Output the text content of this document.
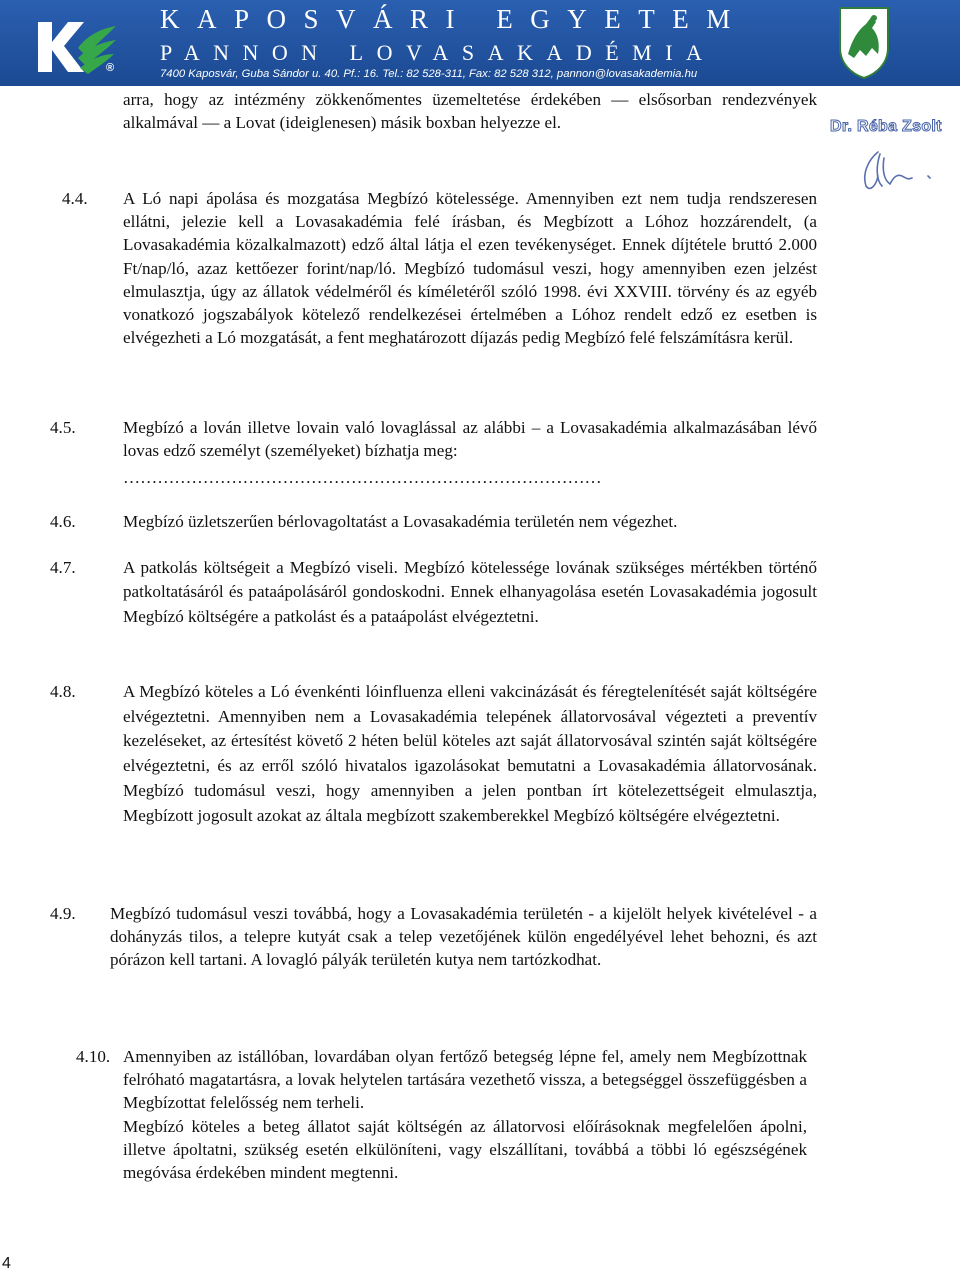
®
KAPOSVÁRI EGYETEM
PANNON LOVASAKADÉMIA
7400 Kaposvár, Guba Sándor u. 40. Pf.: 16. Tel.: 82 528-311, Fax: 82 528 312, pannon@lovasakademia.hu
Dr. Réba Zsolt

arra, hogy az intézmény zökkenőmentes üzemeltetése érdekében — elsősorban rendezvények alkalmával — a Lovat (ideiglenesen) másik boxban helyezze el.

4.4. A Ló napi ápolása és mozgatása Megbízó kötelessége. Amennyiben ezt nem tudja rendszeresen ellátni, jelezie kell a Lovasakadémia felé írásban, és Megbízott a Lóhoz hozzárendelt, (a Lovasakadémia közalkalmazott) edző által látja el ezen tevékenységet. Ennek díjtétele bruttó 2.000 Ft/nap/ló, azaz kettőezer forint/nap/ló. Megbízó tudomásul veszi, hogy amennyiben ezen jelzést elmulasztja, úgy az állatok védelméről és kíméletéről szóló 1998. évi XXVIII. törvény és az egyéb vonatkozó jogszabályok kötelező rendelkezései értelmében a Lóhoz rendelt edző ez esetben is elvégezheti a Ló mozgatását, a fent meghatározott díjazás pedig Megbízó felé felszámításra kerül.

4.5.	Megbízó a lován illetve lovain való lovaglással az alábbi – a Lovasakadémia alkalmazásában lévő lovas edző személyt (személyeket) bízhatja meg:

…………………………………………………………………………

4.6.	Megbízó üzletszerűen bérlovagoltatást a Lovasakadémia területén nem végezhet.

4.7.	A patkolás költségeit a Megbízó viseli. Megbízó kötelessége lovának szükséges mértékben történő patkoltatásáról és pataápolásáról gondoskodni. Ennek elhanyagolása esetén Lovasakadémia jogosult Megbízó költségére a patkolást és a pataápolást elvégeztetni.

4.8.	A Megbízó köteles a Ló évenkénti lóinfluenza elleni vakcinázását és féregtelenítését saját költségére elvégeztetni. Amennyiben nem a Lovasakadémia telepének állatorvosával végezteti a preventív kezeléseket, az értesítést követő 2 héten belül köteles azt saját állatorvosával szintén saját költségére elvégeztetni, és az erről szóló hivatalos igazolásokat bemutatni a Lovasakadémia állatorvosának. Megbízó tudomásul veszi, hogy amennyiben a jelen pontban írt kötelezettségeit elmulasztja, Megbízott jogosult azokat az általa megbízott szakemberekkel Megbízó költségére elvégeztetni.

4.9. Megbízó tudomásul veszi továbbá, hogy a Lovasakadémia területén - a kijelölt helyek kivételével - a dohányzás tilos, a telepre kutyát csak a telep vezetőjének külön engedélyével lehet behozni, és azt pórázon kell tartani. A lovagló pályák területén kutya nem tartózkodhat.

4.10. Amennyiben az istállóban, lovardában olyan fertőző betegség lépne fel, amely nem Megbízottnak felróható magatartásra, a lovak helytelen tartására vezethető vissza, a betegséggel összefüggésben a Megbízottat felelősség nem terheli.

Megbízó köteles a beteg állatot saját költségén az állatorvosi előírásoknak megfelelően ápolni, illetve ápoltatni, szükség esetén elkülöníteni, vagy elszállítani, továbbá a többi ló egészségének megóvása érdekében mindent megtenni.

4
